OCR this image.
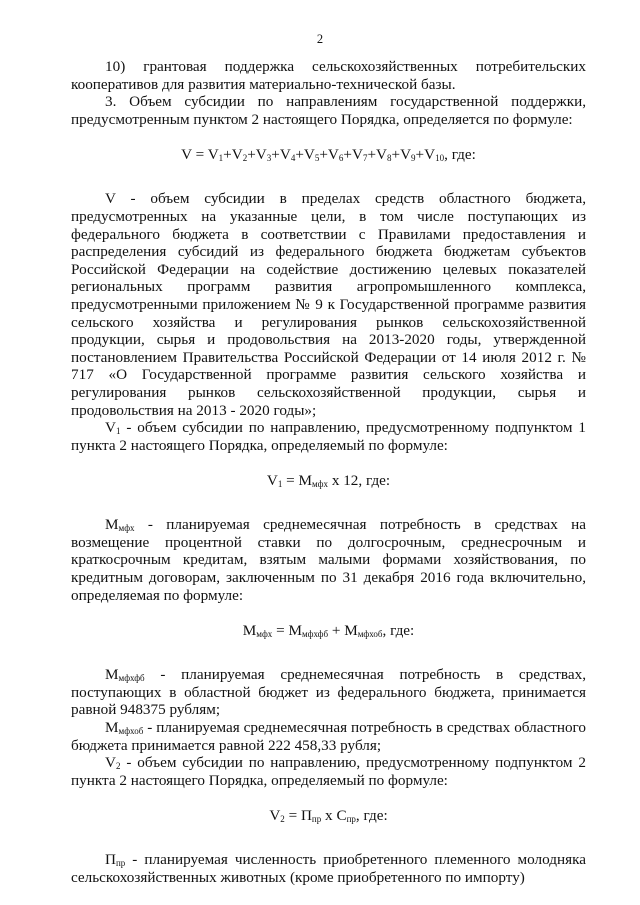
2

10) грантовая поддержка сельскохозяйственных потребительских кооперативов для развития материально-технической базы.

3. Объем субсидии по направлениям государственной поддержки, предусмотренным пунктом 2 настоящего Порядка, определяется по формуле:

$V = V_1+V_2+V_3+V_4+V_5+V_6+V_7+V_8+V_9+V_{10}$, где:

V - объем субсидии в пределах средств областного бюджета, предусмотренных на указанные цели, в том числе поступающих из федерального бюджета в соответствии с Правилами предоставления и распределения субсидий из федерального бюджета бюджетам субъектов Российской Федерации на содействие достижению целевых показателей региональных программ развития агропромышленного комплекса, предусмотренными приложением № 9 к Государственной программе развития сельского хозяйства и регулирования рынков сельскохозяйственной продукции, сырья и продовольствия на 2013-2020 годы, утвержденной постановлением Правительства Российской Федерации от 14 июля 2012 г. № 717 «О Государственной программе развития сельского хозяйства и регулирования рынков сельскохозяйственной продукции, сырья и продовольствия на 2013 - 2020 годы»;

$V_1$ - объем субсидии по направлению, предусмотренному подпунктом 1 пункта 2 настоящего Порядка, определяемый по формуле:

$V_1 = M_{мфх}$ x 12, где:

$M_{мфх}$ - планируемая среднемесячная потребность в средствах на возмещение процентной ставки по долгосрочным, среднесрочным и краткосрочным кредитам, взятым малыми формами хозяйствования, по кредитным договорам, заключенным по 31 декабря 2016 года включительно, определяемая по формуле:

$M_{мфх} = M_{мфхфб} + M_{мфхоб}$, где:

$M_{мфхфб}$ - планируемая среднемесячная потребность в средствах, поступающих в областной бюджет из федерального бюджета, принимается равной 948375 рублям;

$M_{мфхоб}$ - планируемая среднемесячная потребность в средствах областного бюджета принимается равной 222 458,33 рубля;

$V_2$ - объем субсидии по направлению, предусмотренному подпунктом 2 пункта 2 настоящего Порядка, определяемый по формуле:

$V_2 = П_{пр}$ x $С_{пр}$, где:

$П_{пр}$ - планируемая численность приобретенного племенного молодняка сельскохозяйственных животных (кроме приобретенного по импорту)
